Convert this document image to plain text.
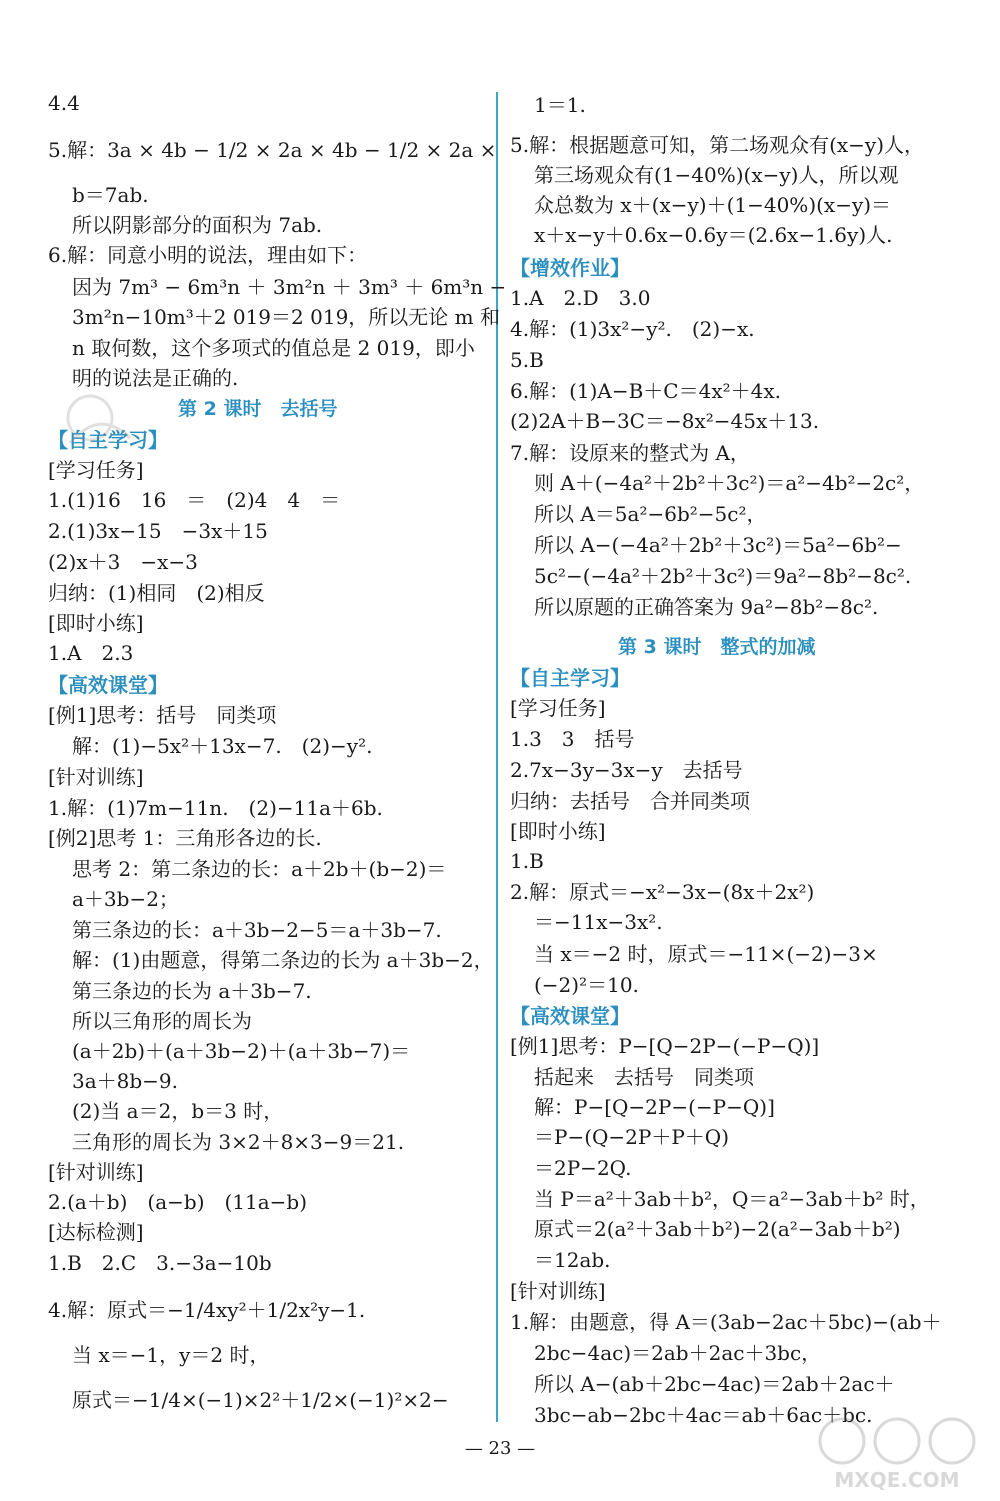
4.4
5.解：3a × 4b − 1/2 × 2a × 4b − 1/2 × 2a ×
b＝7ab.
所以阴影部分的面积为 7ab.
6.解：同意小明的说法，理由如下：
因为 7m³ − 6m³n ＋ 3m²n ＋ 3m³ ＋ 6m³n −
3m²n−10m³＋2 019＝2 019，所以无论 m 和
n 取何数，这个多项式的值总是 2 019，即小
明的说法是正确的.
第 2 课时　去括号
【自主学习】
[学习任务]
1.(1)16　16　＝　(2)4　4　＝
2.(1)3x−15　−3x＋15
(2)x＋3　−x−3
归纳：(1)相同　(2)相反
[即时小练]
1.A　2.3
【高效课堂】
[例1]思考：括号　同类项
解：(1)−5x²＋13x−7.　(2)−y².
[针对训练]
1.解：(1)7m−11n.　(2)−11a＋6b.
[例2]思考 1：三角形各边的长.
思考 2：第二条边的长：a＋2b＋(b−2)＝
a＋3b−2；
第三条边的长：a＋3b−2−5＝a＋3b−7.
解：(1)由题意，得第二条边的长为 a＋3b−2，
第三条边的长为 a＋3b−7.
所以三角形的周长为
(a＋2b)＋(a＋3b−2)＋(a＋3b−7)＝
3a＋8b−9.
(2)当 a＝2，b＝3 时，
三角形的周长为 3×2＋8×3−9＝21.
[针对训练]
2.(a＋b)　(a−b)　(11a−b)
[达标检测]
1.B　2.C　3.−3a−10b
4.解：原式＝−1/4xy²＋1/2x²y−1.
当 x＝−1，y＝2 时，
原式＝−1/4×(−1)×2²＋1/2×(−1)²×2−
1＝1.
5.解：根据题意可知，第二场观众有(x−y)人，
第三场观众有(1−40%)(x−y)人，所以观
众总数为 x＋(x−y)＋(1−40%)(x−y)＝
x＋x−y＋0.6x−0.6y＝(2.6x−1.6y)人.
【增效作业】
1.A　2.D　3.0
4.解：(1)3x²−y².　(2)−x.
5.B
6.解：(1)A−B＋C＝4x²＋4x.
(2)2A＋B−3C＝−8x²−45x＋13.
7.解：设原来的整式为 A，
则 A＋(−4a²＋2b²＋3c²)＝a²−4b²−2c²，
所以 A＝5a²−6b²−5c²，
所以 A−(−4a²＋2b²＋3c²)＝5a²−6b²−
5c²−(−4a²＋2b²＋3c²)＝9a²−8b²−8c².
所以原题的正确答案为 9a²−8b²−8c².
第 3 课时　整式的加减
【自主学习】
[学习任务]
1.3　3　括号
2.7x−3y−3x−y　去括号
归纳：去括号　合并同类项
[即时小练]
1.B
2.解：原式＝−x²−3x−(8x＋2x²)
＝−11x−3x².
当 x＝−2 时，原式＝−11×(−2)−3×
(−2)²＝10.
【高效课堂】
[例1]思考：P−[Q−2P−(−P−Q)]
括起来　去括号　同类项
解：P−[Q−2P−(−P−Q)]
＝P−(Q−2P＋P＋Q)
＝2P−2Q.
当 P＝a²＋3ab＋b²，Q＝a²−3ab＋b² 时，
原式＝2(a²＋3ab＋b²)−2(a²−3ab＋b²)
＝12ab.
[针对训练]
1.解：由题意，得 A＝(3ab−2ac＋5bc)−(ab＋
2bc−4ac)＝2ab＋2ac＋3bc，
所以 A−(ab＋2bc−4ac)＝2ab＋2ac＋
3bc−ab−2bc＋4ac＝ab＋6ac＋bc.
— 23 —
MXQE.COM
